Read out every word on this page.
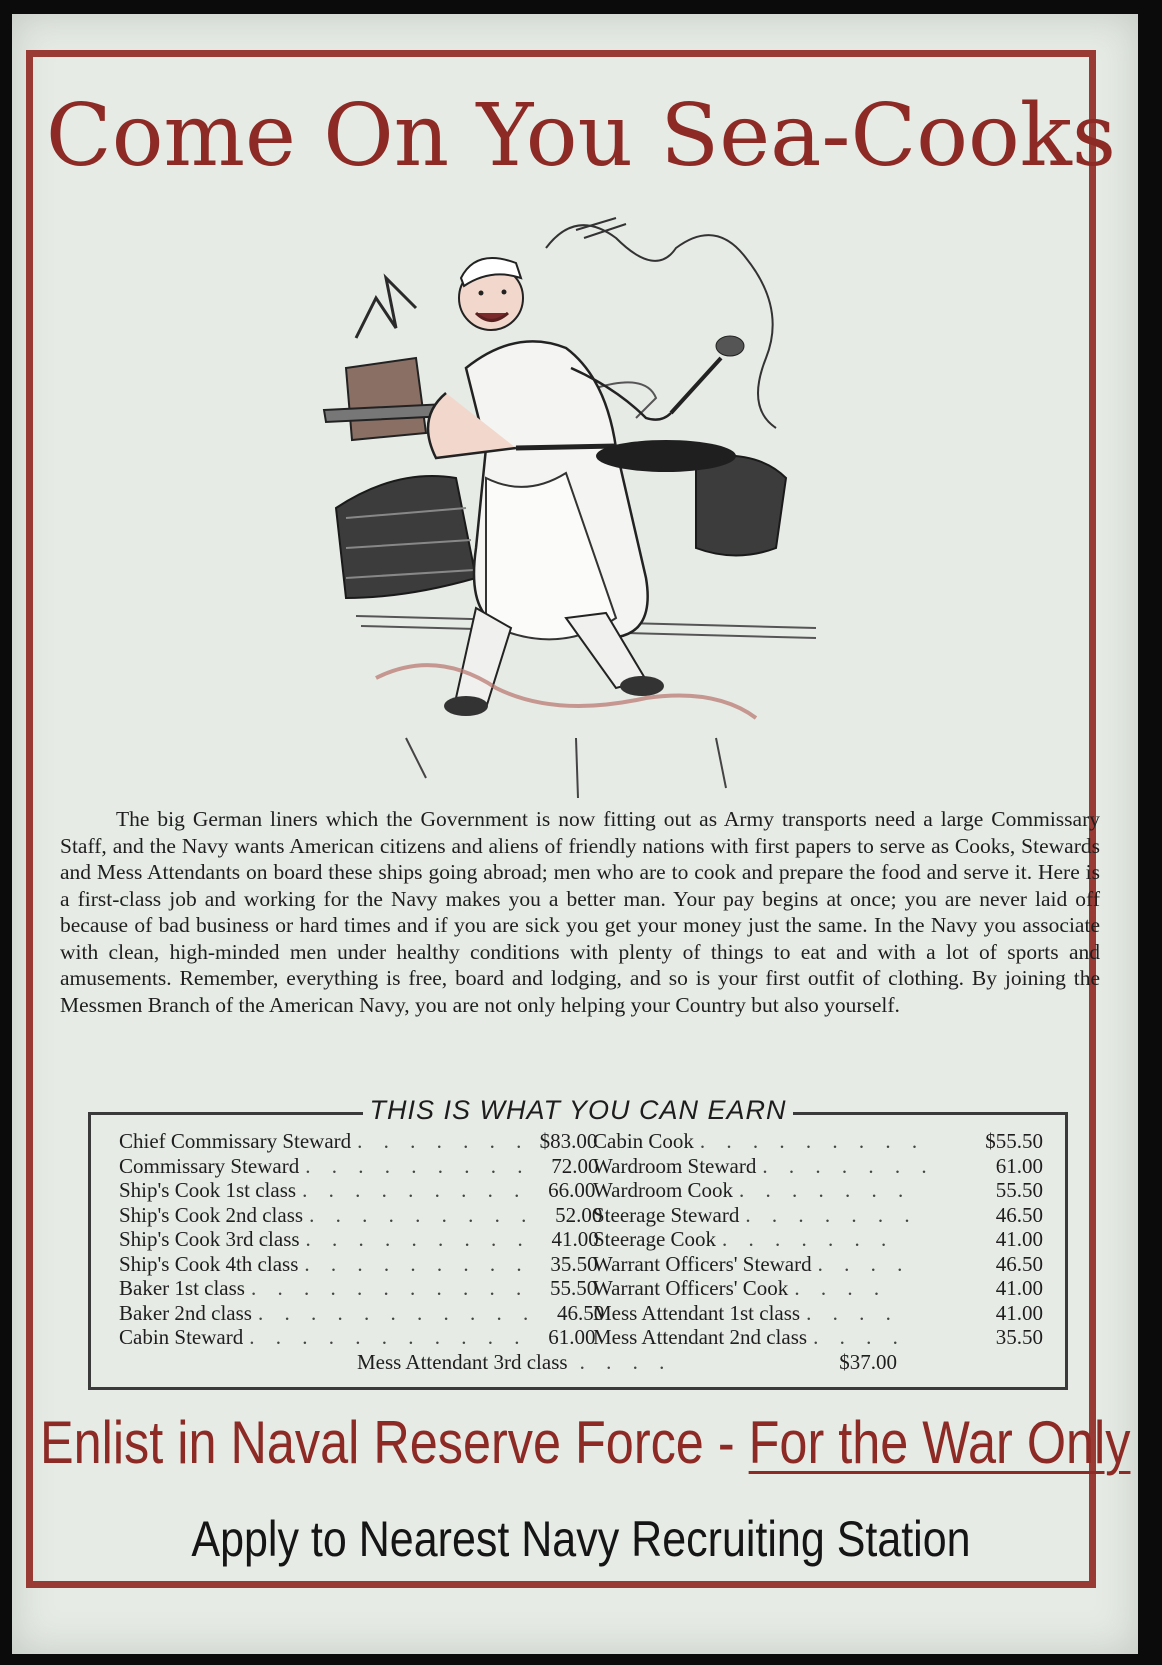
Come On You Sea-Cooks
The big German liners which the Government is now fitting out as Army transports need a large Commissary Staff, and the Navy wants American citizens and aliens of friendly nations with first papers to serve as Cooks, Stewards and Mess Attendants on board these ships going abroad; men who are to cook and prepare the food and serve it. Here is a first-class job and working for the Navy makes you a better man. Your pay begins at once; you are never laid off because of bad business or hard times and if you are sick you get your money just the same. In the Navy you associate with clean, high-minded men under healthy conditions with plenty of things to eat and with a lot of sports and amusements. Remember, everything is free, board and lodging, and so is your first outfit of clothing. By joining the Messmen Branch of the American Navy, you are not only helping your Country but also yourself.
THIS IS WHAT YOU CAN EARN
Chief Commissary Steward . . . . . . . $83.00
Commissary Steward . . . . . . . . . 72.00
Ship's Cook 1st class . . . . . . . . . 66.00
Ship's Cook 2nd class . . . . . . . . . 52.00
Ship's Cook 3rd class . . . . . . . . . 41.00
Ship's Cook 4th class . . . . . . . . . 35.50
Baker 1st class . . . . . . . . . . . 55.50
Baker 2nd class . . . . . . . . . . . 46.50
Cabin Steward . . . . . . . . . . . 61.00
Cabin Cook . . . . . . . . .	$55.50
Wardroom Steward . . . . . . .	61.00
Wardroom Cook . . . . . . .	55.50
Steerage Steward . . . . . . .	46.50
Steerage Cook . . . . . . .	41.00
Warrant Officers' Steward . . . .	46.50
Warrant Officers' Cook . . . .	41.00
Mess Attendant 1st class . . . .	41.00
Mess Attendant 2nd class . . . .	35.50
Mess Attendant 3rd class . . . .	$37.00
Enlist in Naval Reserve Force - For the War Only
Apply to Nearest Navy Recruiting Station
